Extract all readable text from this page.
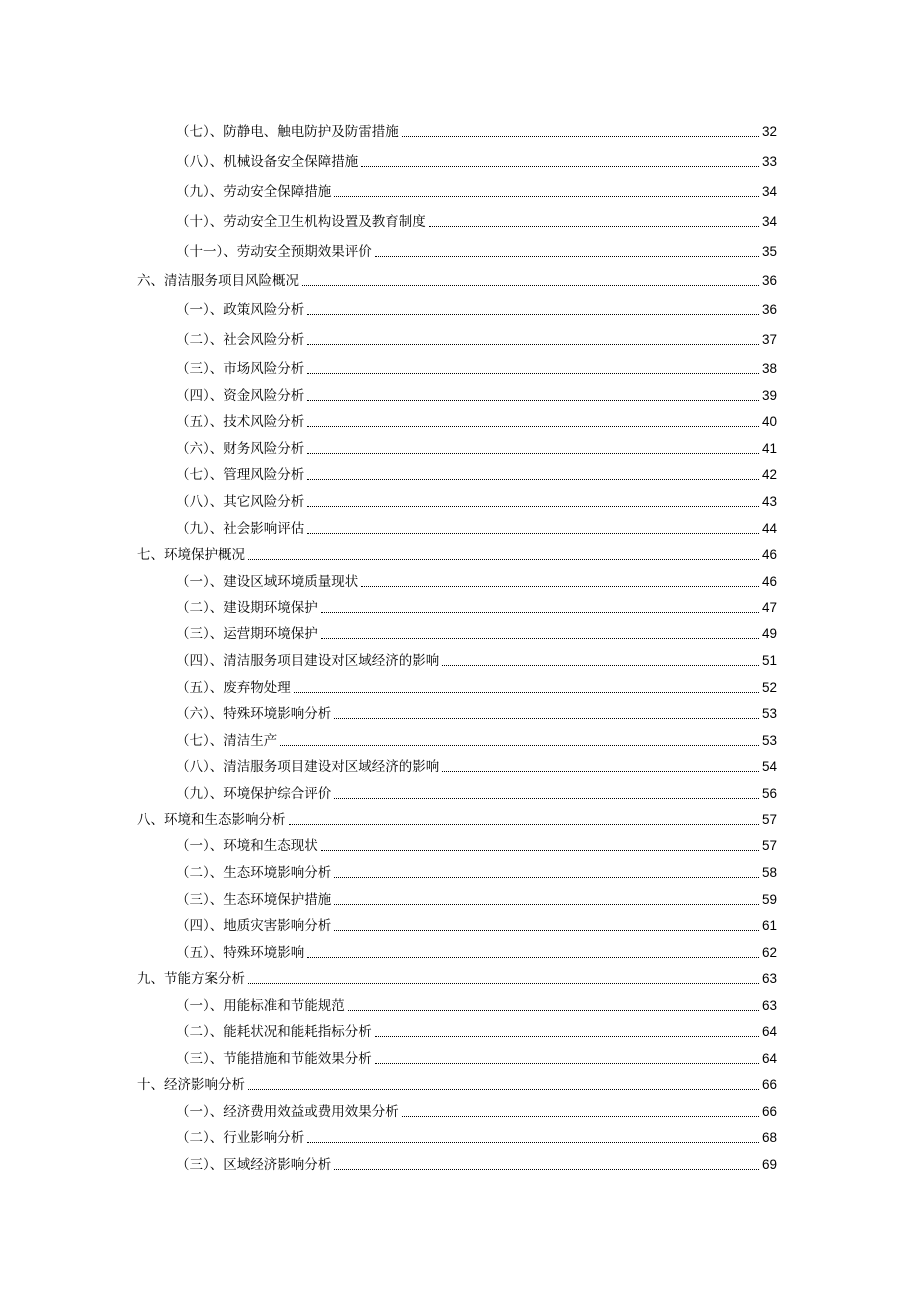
（七）、防静电、触电防护及防雷措施	32
（八）、机械设备安全保障措施	33
（九）、劳动安全保障措施	34
（十）、劳动安全卫生机构设置及教育制度	34
（十一）、劳动安全预期效果评价	35
六、清洁服务项目风险概况	36
（一）、政策风险分析	36
（二）、社会风险分析	37
（三）、市场风险分析	38
（四）、资金风险分析	39
（五）、技术风险分析	40
（六）、财务风险分析	41
（七）、管理风险分析	42
（八）、其它风险分析	43
（九）、社会影响评估	44
七、环境保护概况	46
（一）、建设区域环境质量现状	46
（二）、建设期环境保护	47
（三）、运营期环境保护	49
（四）、清洁服务项目建设对区域经济的影响	51
（五）、废弃物处理	52
（六）、特殊环境影响分析	53
（七）、清洁生产	53
（八）、清洁服务项目建设对区域经济的影响	54
（九）、环境保护综合评价	56
八、环境和生态影响分析	57
（一）、环境和生态现状	57
（二）、生态环境影响分析	58
（三）、生态环境保护措施	59
（四）、地质灾害影响分析	61
（五）、特殊环境影响	62
九、节能方案分析	63
（一）、用能标准和节能规范	63
（二）、能耗状况和能耗指标分析	64
（三）、节能措施和节能效果分析	64
十、经济影响分析	66
（一）、经济费用效益或费用效果分析	66
（二）、行业影响分析	68
（三）、区域经济影响分析	69
